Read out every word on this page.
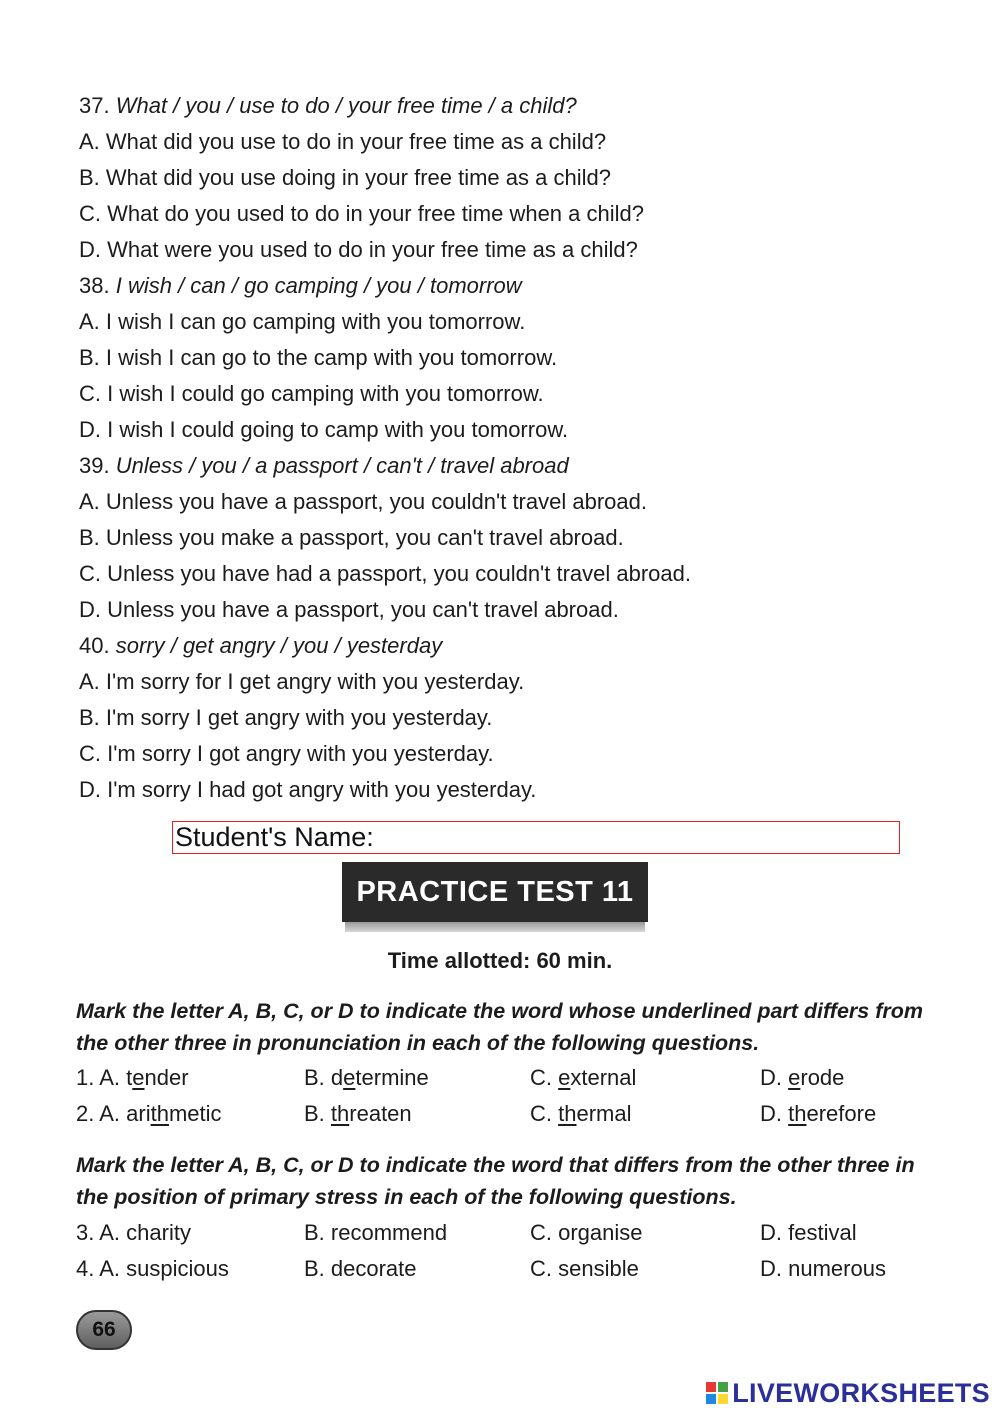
37. What / you / use to do / your free time / a child?
A. What did you use to do in your free time as a child?
B. What did you use doing in your free time as a child?
C. What do you used to do in your free time when a child?
D. What were you used to do in your free time as a child?
38. I wish / can / go camping / you / tomorrow
A. I wish I can go camping with you tomorrow.
B. I wish I can go to the camp with you tomorrow.
C. I wish I could go camping with you tomorrow.
D. I wish I could going to camp with you tomorrow.
39. Unless / you / a passport / can't / travel abroad
A. Unless you have a passport, you couldn't travel abroad.
B. Unless you make a passport, you can't travel abroad.
C. Unless you have had a passport, you couldn't travel abroad.
D. Unless you have a passport, you can't travel abroad.
40. sorry / get angry / you / yesterday
A. I'm sorry for I get angry with you yesterday.
B. I'm sorry I get angry with you yesterday.
C. I'm sorry I got angry with you yesterday.
D. I'm sorry I had got angry with you yesterday.
Student's Name:
PRACTICE TEST 11
Time allotted: 60 min.
Mark the letter A, B, C, or D to indicate the word whose underlined part differs from the other three in pronunciation in each of the following questions.
1. A. tender	B. determine	C. external	D. erode
2. A. arithmetic	B. threaten	C. thermal	D. therefore
Mark the letter A, B, C, or D to indicate the word that differs from the other three in the position of primary stress in each of the following questions.
3. A. charity	B. recommend	C. organise	D. festival
4. A. suspicious	B. decorate	C. sensible	D. numerous
66
LIVEWORKSHEETS
